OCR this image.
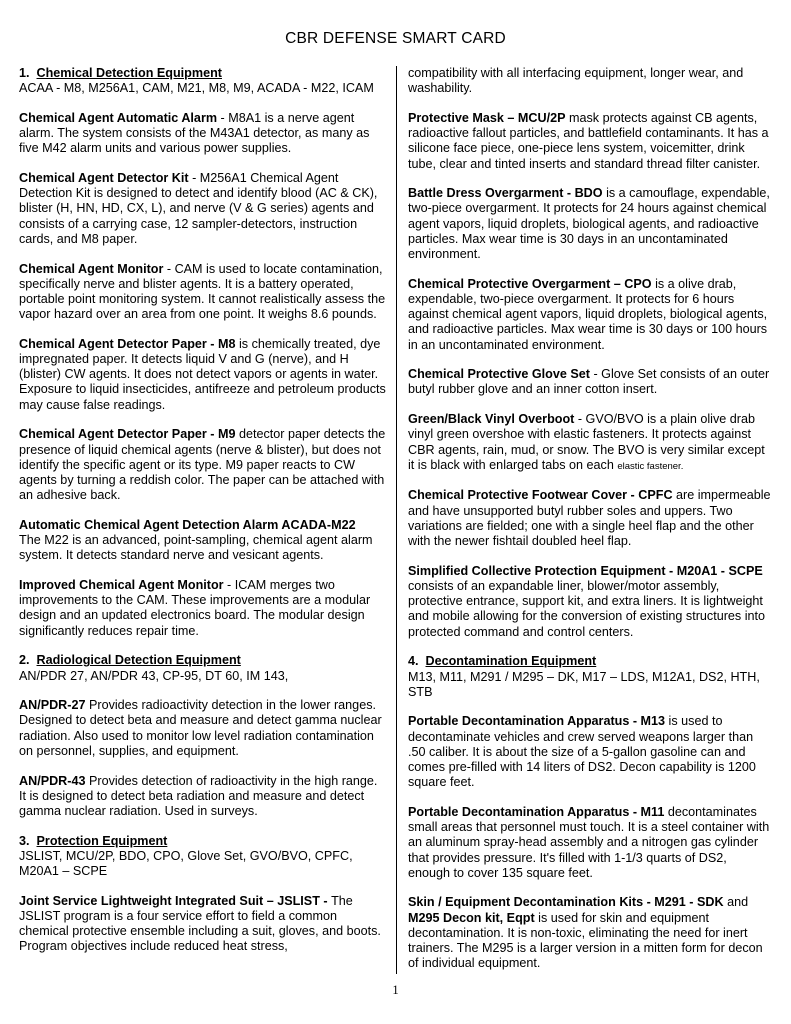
CBR DEFENSE SMART CARD
1. Chemical Detection Equipment
ACAA - M8, M256A1, CAM, M21, M8, M9, ACADA - M22, ICAM
Chemical Agent Automatic Alarm - M8A1 is a nerve agent alarm. The system consists of the M43A1 detector, as many as five M42 alarm units and various power supplies.
Chemical Agent Detector Kit - M256A1 Chemical Agent Detection Kit is designed to detect and identify blood (AC & CK), blister (H, HN, HD, CX, L), and nerve (V & G series) agents and consists of a carrying case, 12 sampler-detectors, instruction cards, and M8 paper.
Chemical Agent Monitor - CAM is used to locate contamination, specifically nerve and blister agents. It is a battery operated, portable point monitoring system. It cannot realistically assess the vapor hazard over an area from one point. It weighs 8.6 pounds.
Chemical Agent Detector Paper - M8 is chemically treated, dye impregnated paper. It detects liquid V and G (nerve), and H (blister) CW agents. It does not detect vapors or agents in water. Exposure to liquid insecticides, antifreeze and petroleum products may cause false readings.
Chemical Agent Detector Paper - M9 detector paper detects the presence of liquid chemical agents (nerve & blister), but does not identify the specific agent or its type. M9 paper reacts to CW agents by turning a reddish color. The paper can be attached with an adhesive back.
Automatic Chemical Agent Detection Alarm ACADA-M22
The M22 is an advanced, point-sampling, chemical agent alarm system. It detects standard nerve and vesicant agents.
Improved Chemical Agent Monitor - ICAM merges two improvements to the CAM. These improvements are a modular design and an updated electronics board. The modular design significantly reduces repair time.
2. Radiological Detection Equipment
AN/PDR 27, AN/PDR 43, CP-95, DT 60, IM 143,
AN/PDR-27 Provides radioactivity detection in the lower ranges. Designed to detect beta and measure and detect gamma nuclear radiation. Also used to monitor low level radiation contamination on personnel, supplies, and equipment.
AN/PDR-43 Provides detection of radioactivity in the high range. It is designed to detect beta radiation and measure and detect gamma nuclear radiation. Used in surveys.
3. Protection Equipment
JSLIST, MCU/2P, BDO, CPO, Glove Set, GVO/BVO, CPFC, M20A1 – SCPE
Joint Service Lightweight Integrated Suit – JSLIST - The JSLIST program is a four service effort to field a common chemical protective ensemble including a suit, gloves, and boots. Program objectives include reduced heat stress,
compatibility with all interfacing equipment, longer wear, and washability.
Protective Mask – MCU/2P mask protects against CB agents, radioactive fallout particles, and battlefield contaminants. It has a silicone face piece, one-piece lens system, voicemitter, drink tube, clear and tinted inserts and standard thread filter canister.
Battle Dress Overgarment - BDO is a camouflage, expendable, two-piece overgarment. It protects for 24 hours against chemical agent vapors, liquid droplets, biological agents, and radioactive particles. Max wear time is 30 days in an uncontaminated environment.
Chemical Protective Overgarment – CPO is a olive drab, expendable, two-piece overgarment. It protects for 6 hours against chemical agent vapors, liquid droplets, biological agents, and radioactive particles. Max wear time is 30 days or 100 hours in an uncontaminated environment.
Chemical Protective Glove Set - Glove Set consists of an outer butyl rubber glove and an inner cotton insert.
Green/Black Vinyl Overboot - GVO/BVO is a plain olive drab vinyl green overshoe with elastic fasteners. It protects against CBR agents, rain, mud, or snow. The BVO is very similar except it is black with enlarged tabs on each elastic fastener.
Chemical Protective Footwear Cover - CPFC are impermeable and have unsupported butyl rubber soles and uppers. Two variations are fielded; one with a single heel flap and the other with the newer fishtail doubled heel flap.
Simplified Collective Protection Equipment - M20A1 - SCPE
consists of an expandable liner, blower/motor assembly, protective entrance, support kit, and extra liners. It is lightweight and mobile allowing for the conversion of existing structures into protected command and control centers.
4. Decontamination Equipment
M13, M11, M291 / M295 – DK, M17 – LDS, M12A1, DS2, HTH, STB
Portable Decontamination Apparatus - M13 is used to decontaminate vehicles and crew served weapons larger than .50 caliber. It is about the size of a 5-gallon gasoline can and comes pre-filled with 14 liters of DS2. Decon capability is 1200 square feet.
Portable Decontamination Apparatus - M11 decontaminates small areas that personnel must touch. It is a steel container with an aluminum spray-head assembly and a nitrogen gas cylinder that provides pressure. It's filled with 1-1/3 quarts of DS2, enough to cover 135 square feet.
Skin / Equipment Decontamination Kits - M291 - SDK and M295 Decon kit, Eqpt is used for skin and equipment decontamination. It is non-toxic, eliminating the need for inert trainers. The M295 is a larger version in a mitten form for decon of individual equipment.
1
